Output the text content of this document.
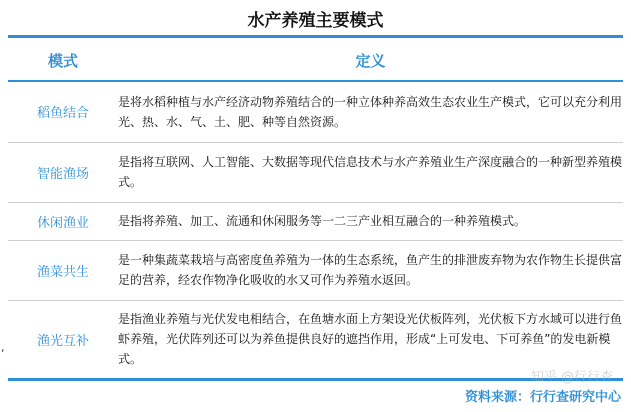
水产养殖主要模式
模式	定义
稻鱼结合	是将水稻种植与水产经济动物养殖结合的一种立体种养高效生态农业生产模式，它可以充分利用光、热、水、气、土、肥、种等自然资源。
智能渔场	是指将互联网、人工智能、大数据等现代信息技术与水产养殖业生产深度融合的一种新型养殖模式。
休闲渔业	是指将养殖、加工、流通和休闲服务等一二三产业相互融合的一种养殖模式。
渔菜共生	是一种集蔬菜栽培与高密度鱼养殖为一体的生态系统，鱼产生的排泄废弃物为农作物生长提供富足的营养，经农作物净化吸收的水又可作为养殖水返回。
渔光互补	是指渔业养殖与光伏发电相结合，在鱼塘水面上方架设光伏板阵列，光伏板下方水域可以进行鱼虾养殖，光伏阵列还可以为养鱼提供良好的遮挡作用，形成“上可发电、下可养鱼”的发电新模式。
,
知乎 @行行查
资料来源：行行查研究中心
